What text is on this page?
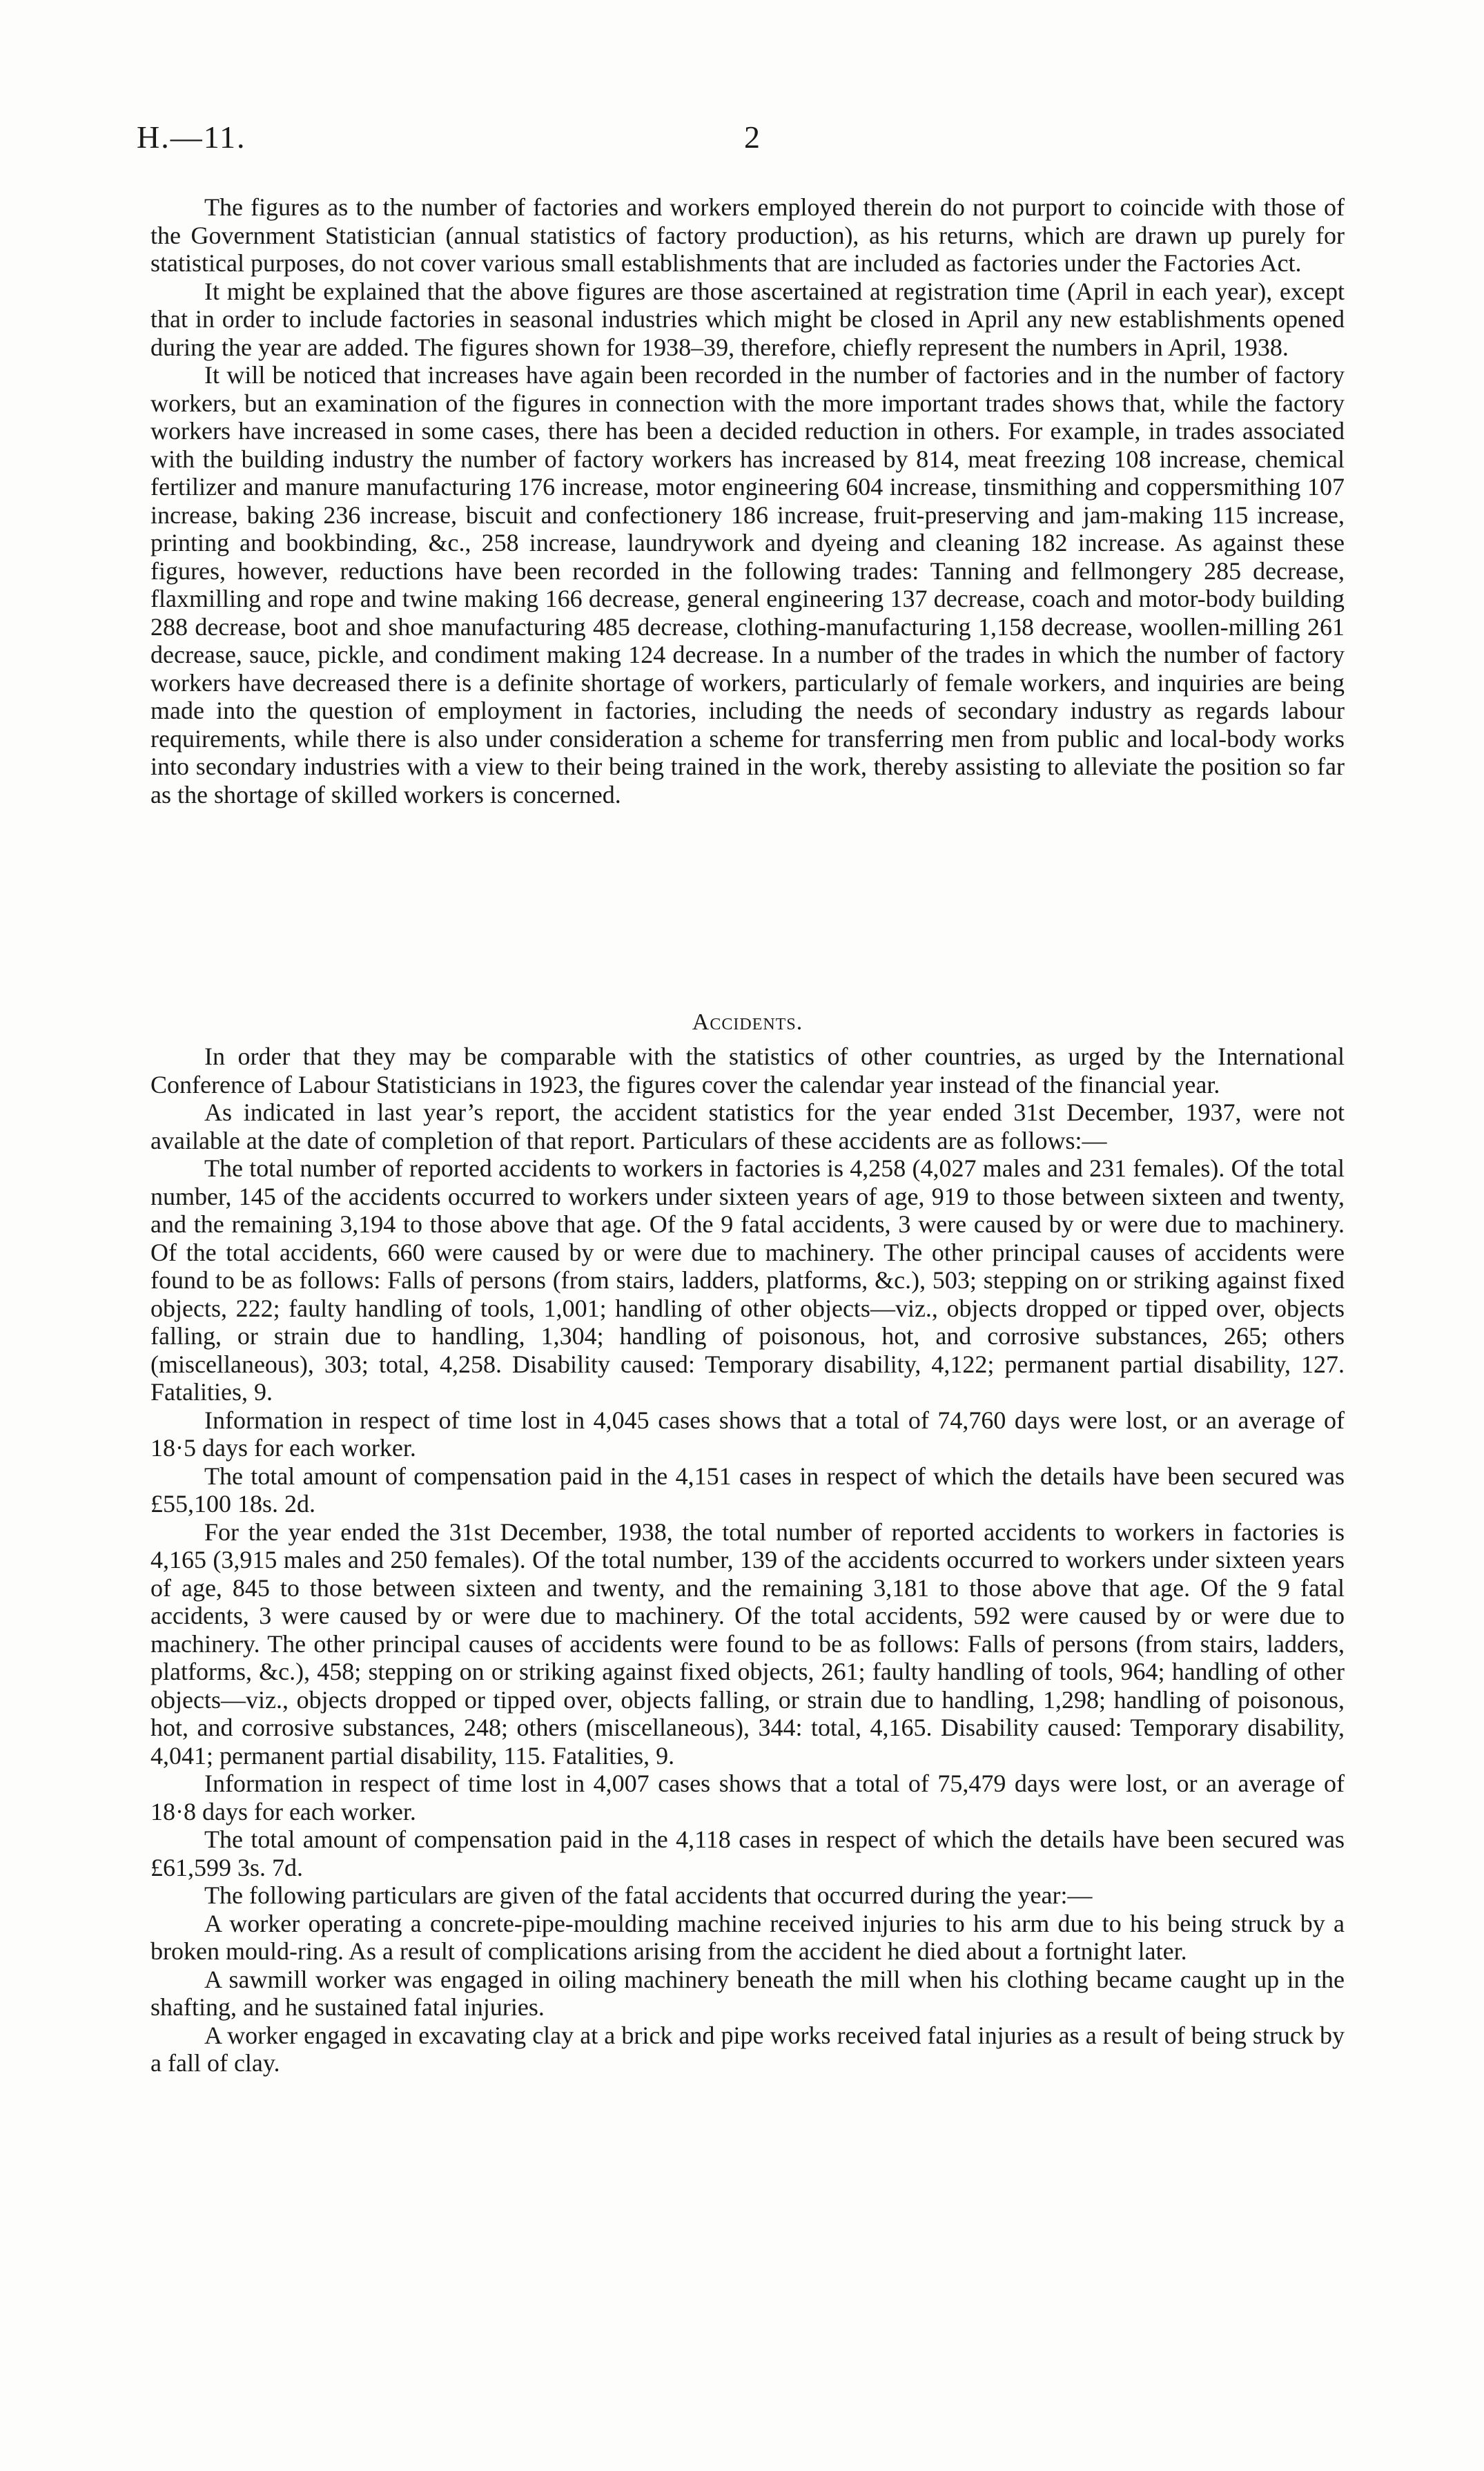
H.—11.	2

The figures as to the number of factories and workers employed therein do not purport to coincide with those of the Government Statistician (annual statistics of factory production), as his returns, which are drawn up purely for statistical purposes, do not cover various small establishments that are included as factories under the Factories Act.

It might be explained that the above figures are those ascertained at registration time (April in each year), except that in order to include factories in seasonal industries which might be closed in April any new establishments opened during the year are added. The figures shown for 1938–39, therefore, chiefly represent the numbers in April, 1938.

It will be noticed that increases have again been recorded in the number of factories and in the number of factory workers, but an examination of the figures in connection with the more important trades shows that, while the factory workers have increased in some cases, there has been a decided reduction in others. For example, in trades associated with the building industry the number of factory workers has increased by 814, meat freezing 108 increase, chemical fertilizer and manure manufacturing 176 increase, motor engineering 604 increase, tinsmithing and coppersmithing 107 increase, baking 236 increase, biscuit and confectionery 186 increase, fruit-preserving and jam-making 115 increase, printing and bookbinding, &c., 258 increase, laundrywork and dyeing and cleaning 182 increase. As against these figures, however, reductions have been recorded in the following trades: Tanning and fellmongery 285 decrease, flaxmilling and rope and twine making 166 decrease, general engineering 137 decrease, coach and motor-body building 288 decrease, boot and shoe manufacturing 485 decrease, clothing-manufacturing 1,158 decrease, woollen-milling 261 decrease, sauce, pickle, and condiment making 124 decrease. In a number of the trades in which the number of factory workers have decreased there is a definite shortage of workers, particularly of female workers, and inquiries are being made into the question of employment in factories, including the needs of secondary industry as regards labour requirements, while there is also under consideration a scheme for transferring men from public and local-body works into secondary industries with a view to their being trained in the work, thereby assisting to alleviate the position so far as the shortage of skilled workers is concerned.

Accidents.

In order that they may be comparable with the statistics of other countries, as urged by the International Conference of Labour Statisticians in 1923, the figures cover the calendar year instead of the financial year.

As indicated in last year’s report, the accident statistics for the year ended 31st December, 1937, were not available at the date of completion of that report. Particulars of these accidents are as follows:—

The total number of reported accidents to workers in factories is 4,258 (4,027 males and 231 females). Of the total number, 145 of the accidents occurred to workers under sixteen years of age, 919 to those between sixteen and twenty, and the remaining 3,194 to those above that age. Of the 9 fatal accidents, 3 were caused by or were due to machinery. Of the total accidents, 660 were caused by or were due to machinery. The other principal causes of accidents were found to be as follows: Falls of persons (from stairs, ladders, platforms, &c.), 503; stepping on or striking against fixed objects, 222; faulty handling of tools, 1,001; handling of other objects—viz., objects dropped or tipped over, objects falling, or strain due to handling, 1,304; handling of poisonous, hot, and corrosive substances, 265; others (miscellaneous), 303; total, 4,258. Disability caused: Temporary disability, 4,122; permanent partial disability, 127. Fatalities, 9.

Information in respect of time lost in 4,045 cases shows that a total of 74,760 days were lost, or an average of 18·5 days for each worker.

The total amount of compensation paid in the 4,151 cases in respect of which the details have been secured was £55,100 18s. 2d.

For the year ended the 31st December, 1938, the total number of reported accidents to workers in factories is 4,165 (3,915 males and 250 females). Of the total number, 139 of the accidents occurred to workers under sixteen years of age, 845 to those between sixteen and twenty, and the remaining 3,181 to those above that age. Of the 9 fatal accidents, 3 were caused by or were due to machinery. Of the total accidents, 592 were caused by or were due to machinery. The other principal causes of accidents were found to be as follows: Falls of persons (from stairs, ladders, platforms, &c.), 458; stepping on or striking against fixed objects, 261; faulty handling of tools, 964; handling of other objects—viz., objects dropped or tipped over, objects falling, or strain due to handling, 1,298; handling of poisonous, hot, and corrosive substances, 248; others (miscellaneous), 344: total, 4,165. Disability caused: Temporary disability, 4,041; permanent partial disability, 115. Fatalities, 9.

Information in respect of time lost in 4,007 cases shows that a total of 75,479 days were lost, or an average of 18·8 days for each worker.

The total amount of compensation paid in the 4,118 cases in respect of which the details have been secured was £61,599 3s. 7d.

The following particulars are given of the fatal accidents that occurred during the year:—

A worker operating a concrete-pipe-moulding machine received injuries to his arm due to his being struck by a broken mould-ring. As a result of complications arising from the accident he died about a fortnight later.

A sawmill worker was engaged in oiling machinery beneath the mill when his clothing became caught up in the shafting, and he sustained fatal injuries.

A worker engaged in excavating clay at a brick and pipe works received fatal injuries as a result of being struck by a fall of clay.
